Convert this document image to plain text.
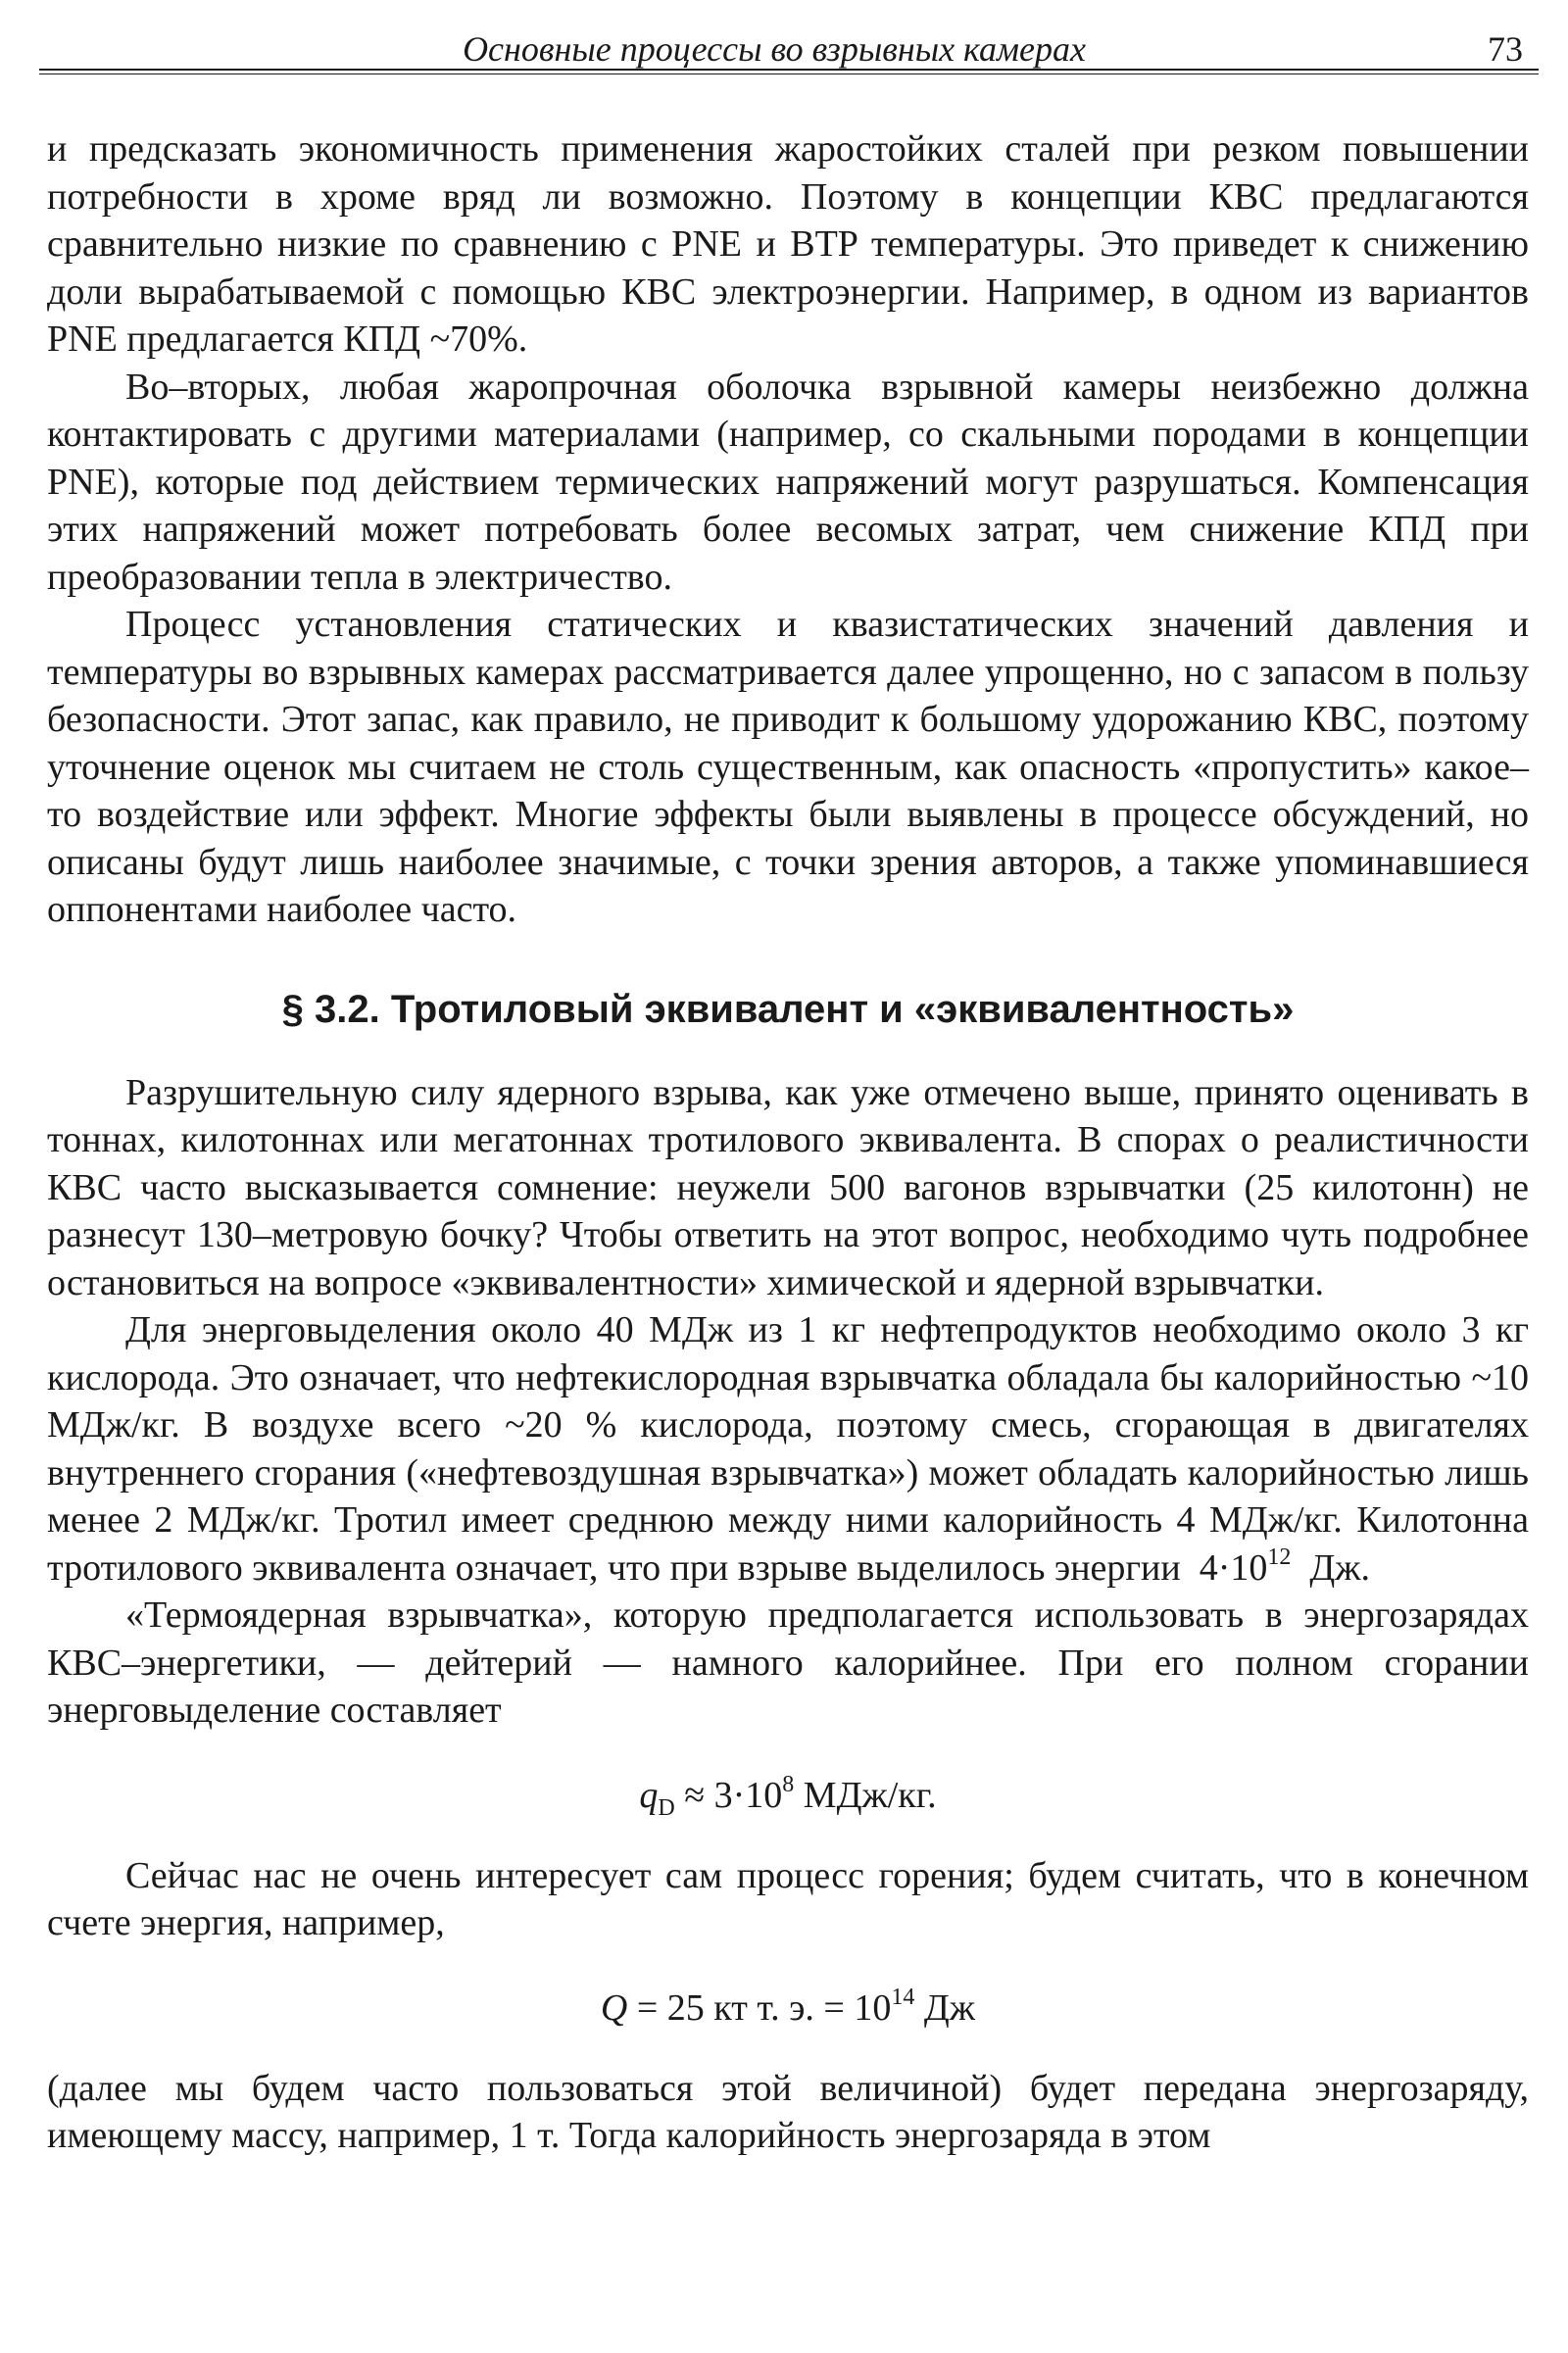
Основные процессы во взрывных камерах	73

и предсказать экономичность применения жаростойких сталей при резком повышении потребности в хроме вряд ли возможно. Поэтому в концепции КВС предлагаются сравнительно низкие по сравнению с PNE и BTP температуры. Это приведет к снижению доли вырабатываемой с помощью КВС электроэнергии. Например, в одном из вариантов PNE предлагается КПД ~70%.

Во–вторых, любая жаропрочная оболочка взрывной камеры неизбежно должна контактировать с другими материалами (например, со скальными породами в концепции PNE), которые под действием термических напряжений могут разрушаться. Компенсация этих напряжений может потребовать более весомых затрат, чем снижение КПД при преобразовании тепла в электричество.

Процесс установления статических и квазистатических значений давления и температуры во взрывных камерах рассматривается далее упрощенно, но с запасом в пользу безопасности. Этот запас, как правило, не приводит к большому удорожанию КВС, поэтому уточнение оценок мы считаем не столь существенным, как опасность «пропустить» какое–то воздействие или эффект. Многие эффекты были выявлены в процессе обсуждений, но описаны будут лишь наиболее значимые, с точки зрения авторов, а также упоминавшиеся оппонентами наиболее часто.

§ 3.2. Тротиловый эквивалент и «эквивалентность»

Разрушительную силу ядерного взрыва, как уже отмечено выше, принято оценивать в тоннах, килотоннах или мегатоннах тротилового эквивалента. В спорах о реалистичности КВС часто высказывается сомнение: неужели 500 вагонов взрывчатки (25 килотонн) не разнесут 130–метровую бочку? Чтобы ответить на этот вопрос, необходимо чуть подробнее остановиться на вопросе «эквивалентности» химической и ядерной взрывчатки.

Для энерговыделения около 40 МДж из 1 кг нефтепродуктов необходимо около 3 кг кислорода. Это означает, что нефтекислородная взрывчатка обладала бы калорийностью ~10 МДж/кг. В воздухе всего ~20 % кислорода, поэтому смесь, сгорающая в двигателях внутреннего сгорания («нефтевоздушная взрывчатка») может обладать калорийностью лишь менее 2 МДж/кг. Тротил имеет среднюю между ними калорийность 4 МДж/кг. Килотонна тротилового эквивалента означает, что при взрыве выделилось энергии $4\cdot 10^{12}$ Дж.

«Термоядерная взрывчатка», которую предполагается использовать в энергозарядах КВС–энергетики, — дейтерий — намного калорийнее. При его полном сгорании энерговыделение составляет

$q_D \approx 3\cdot 10^8$ МДж/кг.

Сейчас нас не очень интересует сам процесс горения; будем считать, что в конечном счете энергия, например,

Q = 25 кт т. э. = $10^{14}$ Дж

(далее мы будем часто пользоваться этой величиной) будет передана энергозаряду, имеющему массу, например, 1 т. Тогда калорийность энергозаряда в этом
